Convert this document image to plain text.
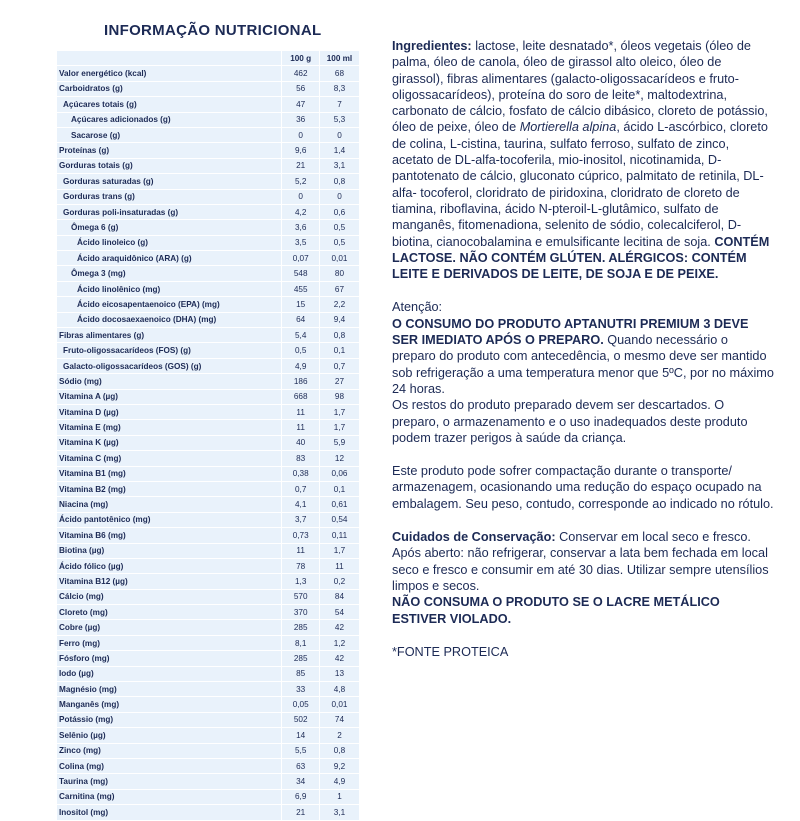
INFORMAÇÃO NUTRICIONAL
	100 g	100 ml
Valor energético (kcal)	462	68
Carboidratos (g)	56	8,3
Açúcares totais (g)	47	7
Açúcares adicionados (g)	36	5,3
Sacarose (g)	0	0
Proteínas (g)	9,6	1,4
Gorduras totais (g)	21	3,1
Gorduras saturadas (g)	5,2	0,8
Gorduras trans (g)	0	0
Gorduras poli-insaturadas (g)	4,2	0,6
Ômega 6 (g)	3,6	0,5
Ácido linoleico (g)	3,5	0,5
Ácido araquidônico (ARA) (g)	0,07	0,01
Ômega 3 (mg)	548	80
Ácido linolênico (mg)	455	67
Ácido eicosapentaenoico (EPA) (mg)	15	2,2
Ácido docosaexaenoico (DHA) (mg)	64	9,4
Fibras alimentares (g)	5,4	0,8
Fruto-oligossacarídeos (FOS) (g)	0,5	0,1
Galacto-oligossacarídeos (GOS) (g)	4,9	0,7
Sódio (mg)	186	27
Vitamina A (µg)	668	98
Vitamina D (µg)	11	1,7
Vitamina E (mg)	11	1,7
Vitamina K (µg)	40	5,9
Vitamina C (mg)	83	12
Vitamina B1 (mg)	0,38	0,06
Vitamina B2 (mg)	0,7	0,1
Niacina (mg)	4,1	0,61
Ácido pantotênico (mg)	3,7	0,54
Vitamina B6 (mg)	0,73	0,11
Biotina (µg)	11	1,7
Ácido fólico (µg)	78	11
Vitamina B12 (µg)	1,3	0,2
Cálcio (mg)	570	84
Cloreto (mg)	370	54
Cobre (µg)	285	42
Ferro (mg)	8,1	1,2
Fósforo (mg)	285	42
Iodo (µg)	85	13
Magnésio (mg)	33	4,8
Manganês (mg)	0,05	0,01
Potássio (mg)	502	74
Selênio (µg)	14	2
Zinco (mg)	5,5	0,8
Colina (mg)	63	9,2
Taurina (mg)	34	4,9
Carnitina (mg)	6,9	1
Inositol (mg)	21	3,1

Ingredientes: lactose, leite desnatado*, óleos vegetais (óleo de palma, óleo de canola, óleo de girassol alto oleico, óleo de girassol), fibras alimentares (galacto-oligossacarídeos e fruto-oligossacarídeos), proteína do soro de leite*, maltodextrina, carbonato de cálcio, fosfato de cálcio dibásico, cloreto de potássio, óleo de peixe, óleo de Mortierella alpina, ácido L-ascórbico, cloreto de colina, L-cistina, taurina, sulfato ferroso, sulfato de zinco, acetato de DL-alfa-tocoferila, mio-inositol, nicotinamida, D-pantotenato de cálcio, gluconato cúprico, palmitato de retinila, DL-alfa- tocoferol, cloridrato de piridoxina, cloridrato de cloreto de tiamina, riboflavina, ácido N-pteroil-L-glutâmico, sulfato de manganês, fitomenadiona, selenito de sódio, colecalciferol, D-biotina, cianocobalamina e emulsificante lecitina de soja. CONTÉM LACTOSE. NÃO CONTÉM GLÚTEN. ALÉRGICOS: CONTÉM LEITE E DERIVADOS DE LEITE, DE SOJA E DE PEIXE.

Atenção:

O CONSUMO DO PRODUTO APTANUTRI PREMIUM 3 DEVE SER IMEDIATO APÓS O PREPARO. Quando necessário o preparo do produto com antecedência, o mesmo deve ser mantido sob refrigeração a uma temperatura menor que 5ºC, por no máximo 24 horas.

Os restos do produto preparado devem ser descartados. O preparo, o armazenamento e o uso inadequados deste produto podem trazer perigos à saúde da criança.

Este produto pode sofrer compactação durante o transporte/ armazenagem, ocasionando uma redução do espaço ocupado na embalagem. Seu peso, contudo, corresponde ao indicado no rótulo.

Cuidados de Conservação: Conservar em local seco e fresco. Após aberto: não refrigerar, conservar a lata bem fechada em local seco e fresco e consumir em até 30 dias. Utilizar sempre utensílios limpos e secos.

NÃO CONSUMA O PRODUTO SE O LACRE METÁLICO ESTIVER VIOLADO.

*FONTE PROTEICA
